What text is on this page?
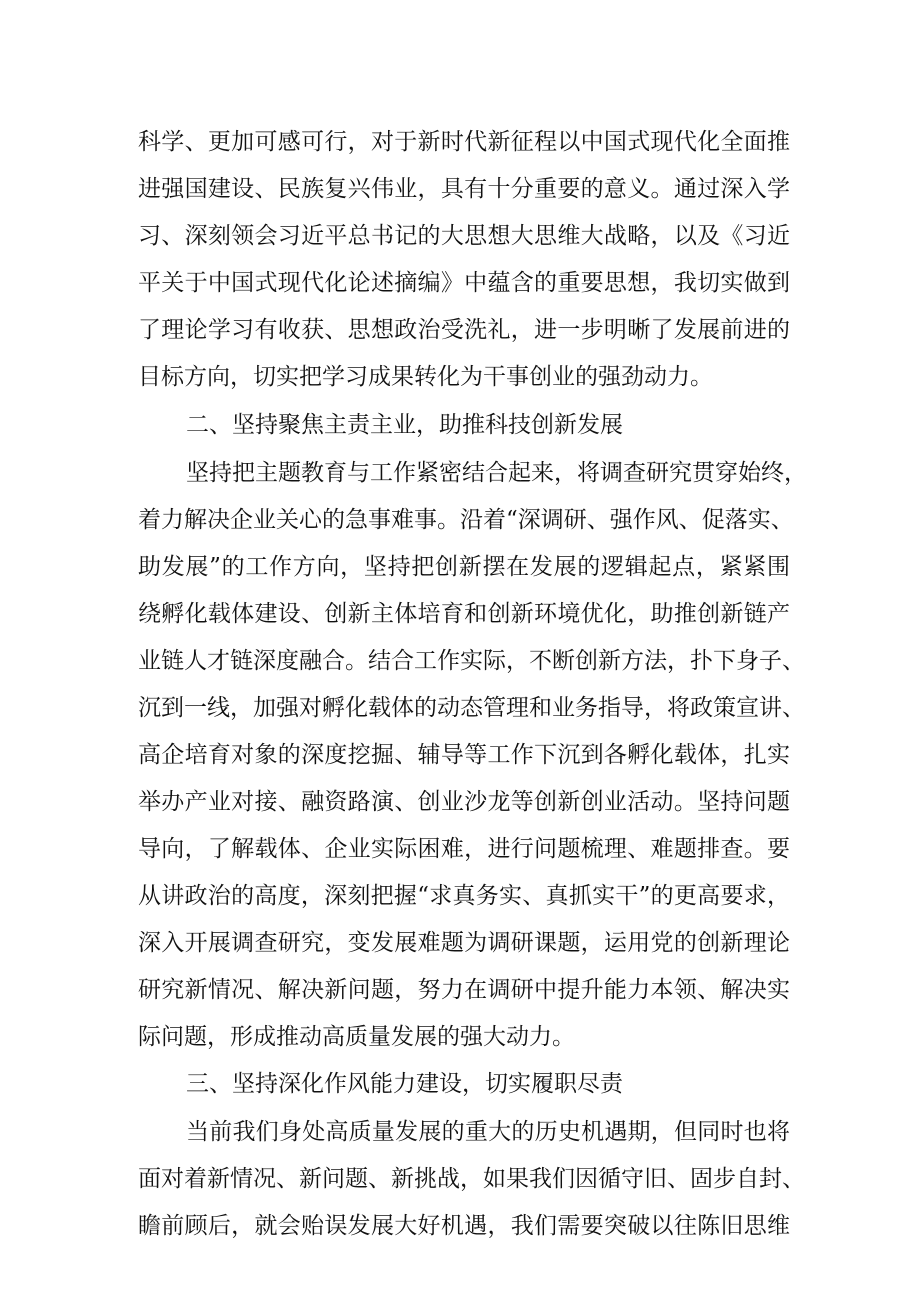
科学、更加可感可行，对于新时代新征程以中国式现代化全面推
进强国建设、民族复兴伟业，具有十分重要的意义。通过深入学
习、深刻领会习近平总书记的大思想大思维大战略，以及《习近
平关于中国式现代化论述摘编》中蕴含的重要思想，我切实做到
了理论学习有收获、思想政治受洗礼，进一步明晰了发展前进的
目标方向，切实把学习成果转化为干事创业的强劲动力。
二、坚持聚焦主责主业，助推科技创新发展
坚持把主题教育与工作紧密结合起来，将调查研究贯穿始终，
着力解决企业关心的急事难事。沿着“深调研、强作风、促落实、
助发展”的工作方向，坚持把创新摆在发展的逻辑起点，紧紧围
绕孵化载体建设、创新主体培育和创新环境优化，助推创新链产
业链人才链深度融合。结合工作实际，不断创新方法，扑下身子、
沉到一线，加强对孵化载体的动态管理和业务指导，将政策宣讲、
高企培育对象的深度挖掘、辅导等工作下沉到各孵化载体，扎实
举办产业对接、融资路演、创业沙龙等创新创业活动。坚持问题
导向，了解载体、企业实际困难，进行问题梳理、难题排查。要
从讲政治的高度，深刻把握“求真务实、真抓实干”的更高要求，
深入开展调查研究，变发展难题为调研课题，运用党的创新理论
研究新情况、解决新问题，努力在调研中提升能力本领、解决实
际问题，形成推动高质量发展的强大动力。
三、坚持深化作风能力建设，切实履职尽责
当前我们身处高质量发展的重大的历史机遇期，但同时也将
面对着新情况、新问题、新挑战，如果我们因循守旧、固步自封、
瞻前顾后，就会贻误发展大好机遇，我们需要突破以往陈旧思维
